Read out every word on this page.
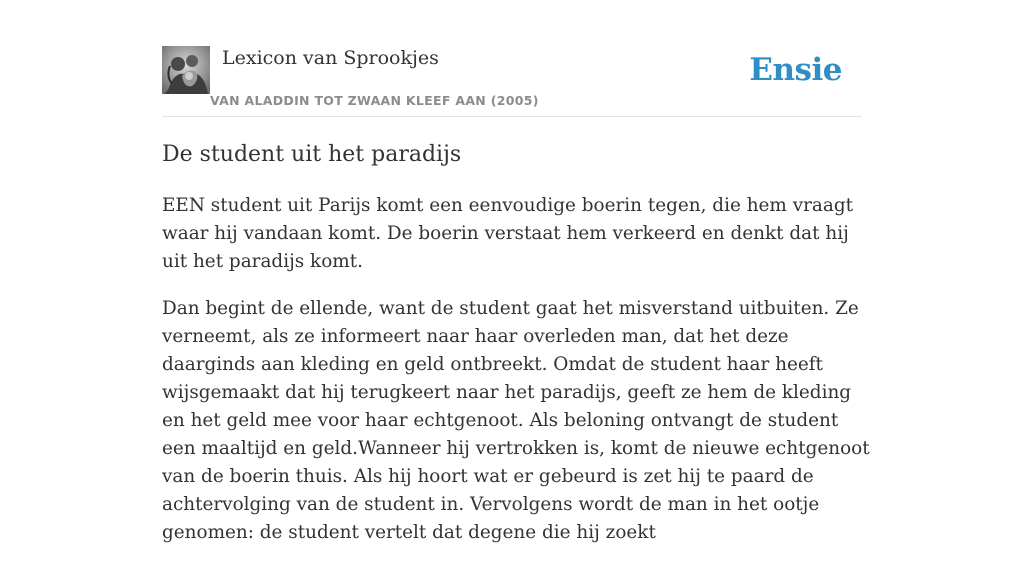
Lexicon van Sprookjes
VAN ALADDIN TOT ZWAAN KLEEF AAN (2005)
Ensie
De student uit het paradijs

EEN student uit Parijs komt een eenvoudige boerin tegen, die hem vraagt waar hij vandaan komt. De boerin verstaat hem verkeerd en denkt dat hij uit het paradijs komt.

Dan begint de ellende, want de student gaat het misverstand uitbuiten. Ze verneemt, als ze informeert naar haar overleden man, dat het deze daarginds aan kleding en geld ontbreekt. Omdat de student haar heeft wijsgemaakt dat hij terugkeert naar het paradijs, geeft ze hem de kleding en het geld mee voor haar echtgenoot. Als beloning ontvangt de student een maaltijd en geld.Wanneer hij vertrokken is, komt de nieuwe echtgenoot van de boerin thuis. Als hij hoort wat er gebeurd is zet hij te paard de achtervolging van de student in. Vervolgens wordt de man in het ootje genomen: de student vertelt dat degene die hij zoekt
